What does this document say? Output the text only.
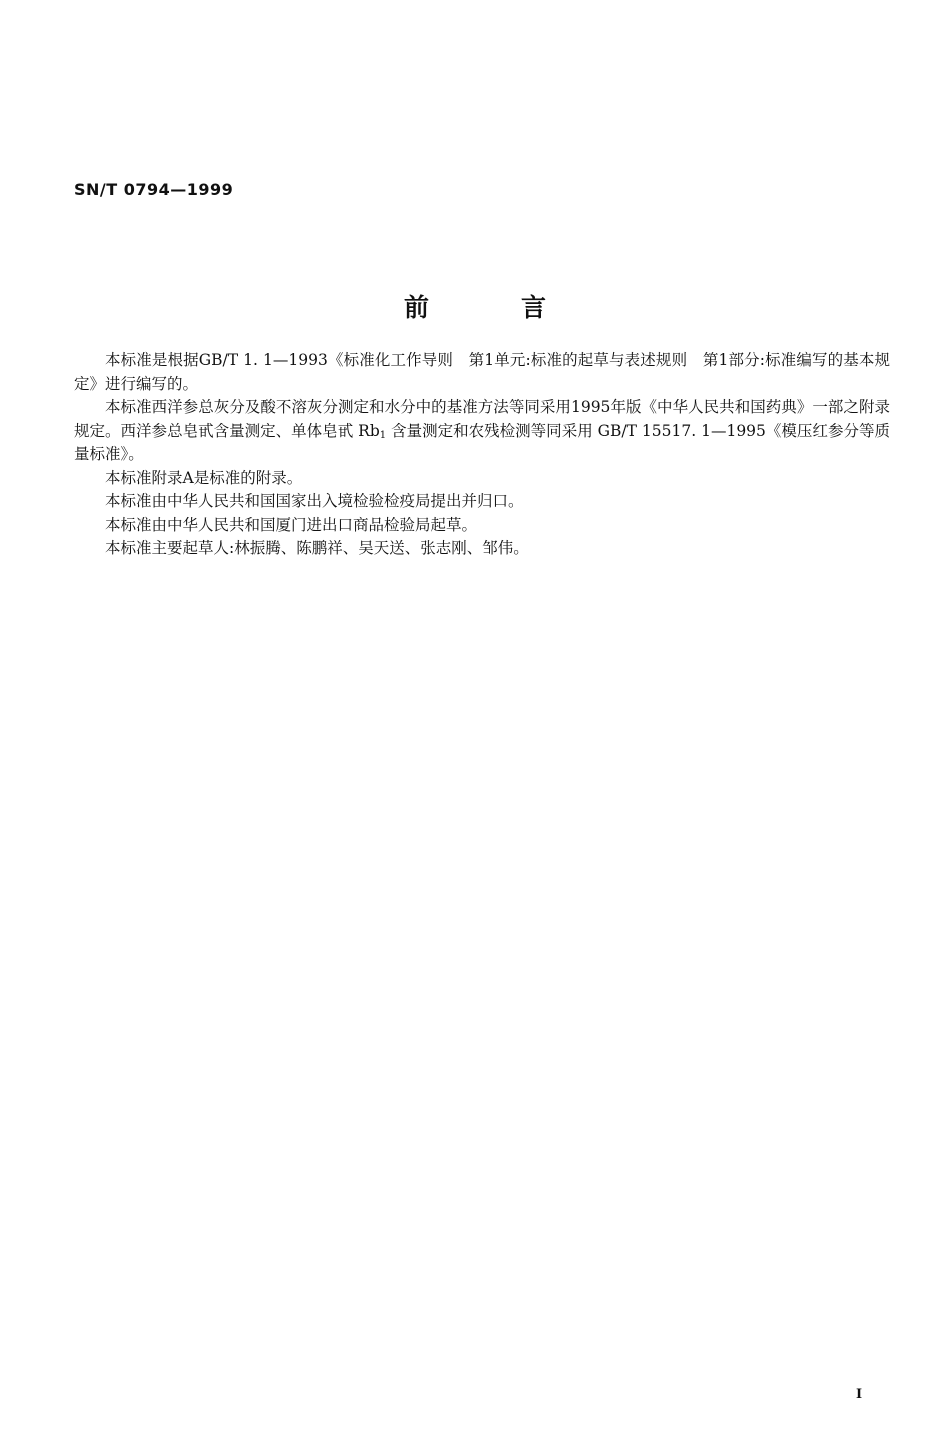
SN/T 0794—1999
前言

本标准是根据GB/T 1. 1—1993《标准化工作导则　第1单元:标准的起草与表述规则　第1部分:标准编写的基本规定》进行编写的。

本标准西洋参总灰分及酸不溶灰分测定和水分中的基准方法等同采用1995年版《中华人民共和国药典》一部之附录规定。西洋参总皂甙含量测定、单体皂甙 $Rb_1$ 含量测定和农残检测等同采用 GB/T 15517. 1—1995《模压红参分等质量标准》。

本标准附录A是标准的附录。

本标准由中华人民共和国国家出入境检验检疫局提出并归口。

本标准由中华人民共和国厦门进出口商品检验局起草。

本标准主要起草人:林振腾、陈鹏祥、吴天送、张志刚、邹伟。

I
